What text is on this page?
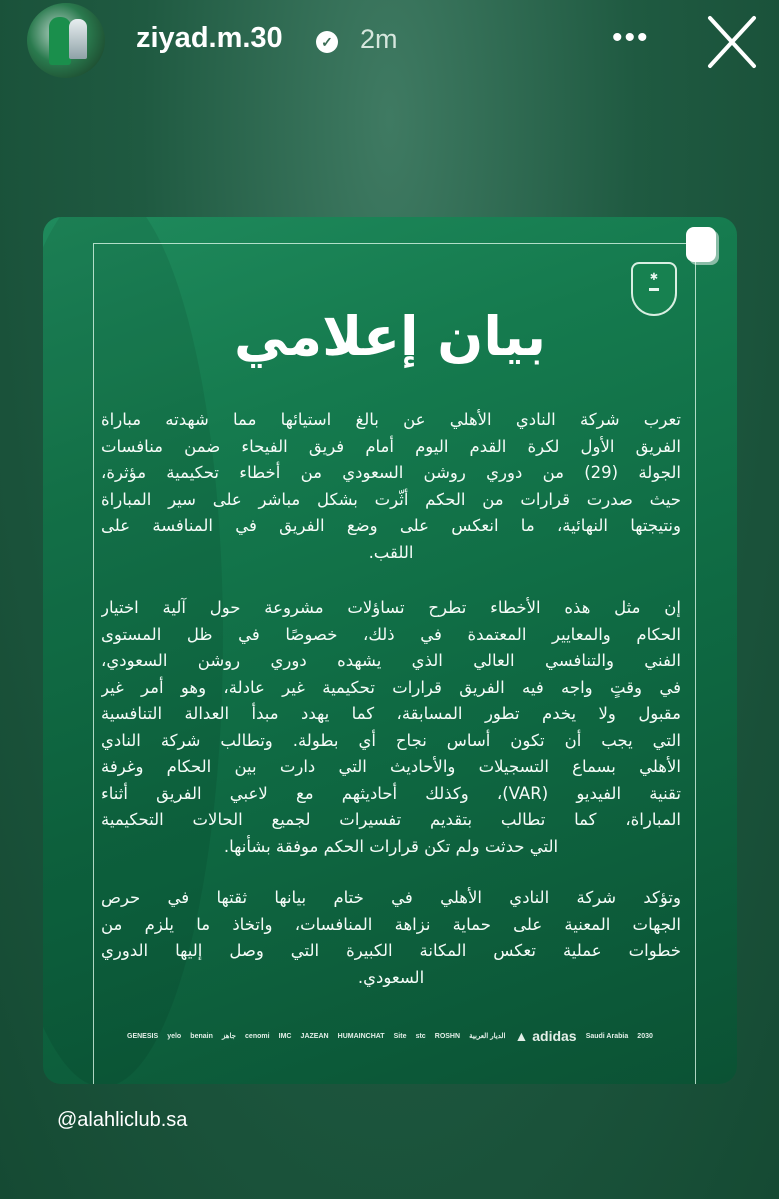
ziyad.m.30	✓ 2m	•••
✱
▬
بيان إعلامي
تعرب شركة النادي الأهلي عن بالغ استيائها مما شهدته مباراة
الفريق الأول لكرة القدم اليوم أمام فريق الفيحاء ضمن منافسات
الجولة (29) من دوري روشن السعودي من أخطاء تحكيمية مؤثرة،
حيث صدرت قرارات من الحكم أثّرت بشكل مباشر على سير المباراة
ونتيجتها النهائية، ما انعكس على وضع الفريق في المنافسة على
اللقب.
إن مثل هذه الأخطاء تطرح تساؤلات مشروعة حول آلية اختيار
الحكام والمعايير المعتمدة في ذلك، خصوصًا في ظل المستوى
الفني والتنافسي العالي الذي يشهده دوري روشن السعودي،
في وقتٍ واجه فيه الفريق قرارات تحكيمية غير عادلة، وهو أمر غير
مقبول ولا يخدم تطور المسابقة، كما يهدد مبدأ العدالة التنافسية
التي يجب أن تكون أساس نجاح أي بطولة. وتطالب شركة النادي
الأهلي بسماع التسجيلات والأحاديث التي دارت بين الحكام وغرفة
تقنية الفيديو (VAR)، وكذلك أحاديثهم مع لاعبي الفريق أثناء
المباراة، كما تطالب بتقديم تفسيرات لجميع الحالات التحكيمية
التي حدثت ولم تكن قرارات الحكم موفقة بشأنها.
وتؤكد شركة النادي الأهلي في ختام بيانها ثقتها في حرص
الجهات المعنية على حماية نزاهة المنافسات، واتخاذ ما يلزم من
خطوات عملية تعكس المكانة الكبيرة التي وصل إليها الدوري
السعودي.
2030
Saudi Arabia
▲ adidas
الديار العربية
ROSHN
stc
Site
HUMAINCHAT
JAZEAN
IMC
cenomi
جاهز
benain
yelo
GENESIS
@alahliclub.sa
